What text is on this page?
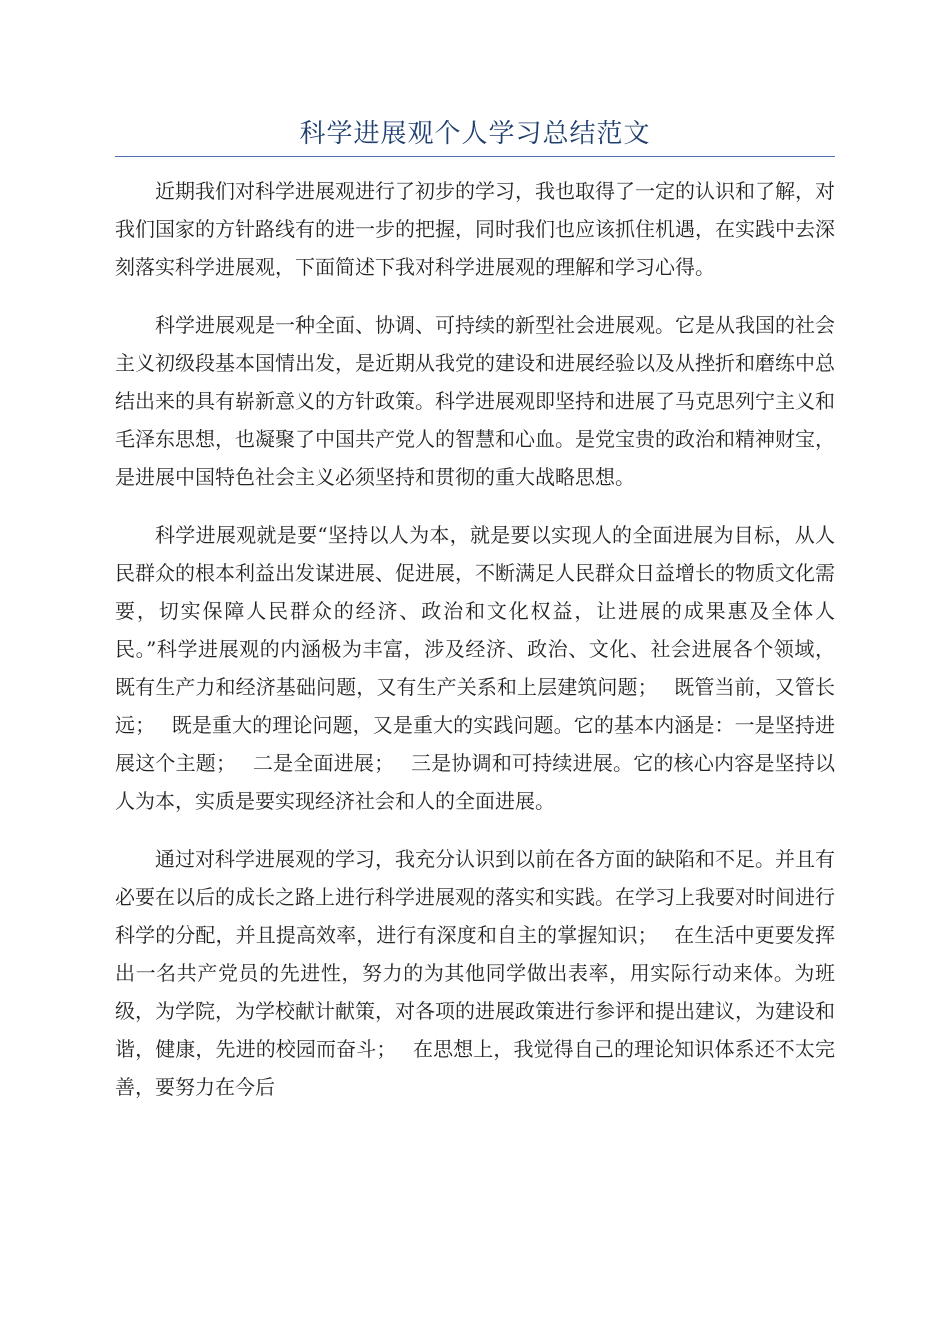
科学进展观个人学习总结范文

近期我们对科学进展观进行了初步的学习，我也取得了一定的认识和了解，对我们国家的方针路线有的进一步的把握，同时我们也应该抓住机遇，在实践中去深刻落实科学进展观，下面简述下我对科学进展观的理解和学习心得。

科学进展观是一种全面、协调、可持续的新型社会进展观。它是从我国的社会主义初级段基本国情出发，是近期从我党的建设和进展经验以及从挫折和磨练中总结出来的具有崭新意义的方针政策。科学进展观即坚持和进展了马克思列宁主义和毛泽东思想，也凝聚了中国共产党人的智慧和心血。是党宝贵的政治和精神财宝，是进展中国特色社会主义必须坚持和贯彻的重大战略思想。

科学进展观就是要“坚持以人为本，就是要以实现人的全面进展为目标，从人民群众的根本利益出发谋进展、促进展，不断满足人民群众日益增长的物质文化需要，切实保障人民群众的经济、政治和文化权益，让进展的成果惠及全体人民。”科学进展观的内涵极为丰富，涉及经济、政治、文化、社会进展各个领域，既有生产力和经济基础问题，又有生产关系和上层建筑问题；　 既管当前，又管长远；　 既是重大的理论问题，又是重大的实践问题。它的基本内涵是：一是坚持进展这个主题；　 二是全面进展；　 三是协调和可持续进展。它的核心内容是坚持以人为本，实质是要实现经济社会和人的全面进展。

通过对科学进展观的学习，我充分认识到以前在各方面的缺陷和不足。并且有必要在以后的成长之路上进行科学进展观的落实和实践。在学习上我要对时间进行科学的分配，并且提高效率，进行有深度和自主的掌握知识；　 在生活中更要发挥出一名共产党员的先进性，努力的为其他同学做出表率，用实际行动来体。为班级，为学院，为学校献计献策，对各项的进展政策进行参评和提出建议，为建设和谐，健康，先进的校园而奋斗；　 在思想上，我觉得自己的理论知识体系还不太完善，要努力在今后
